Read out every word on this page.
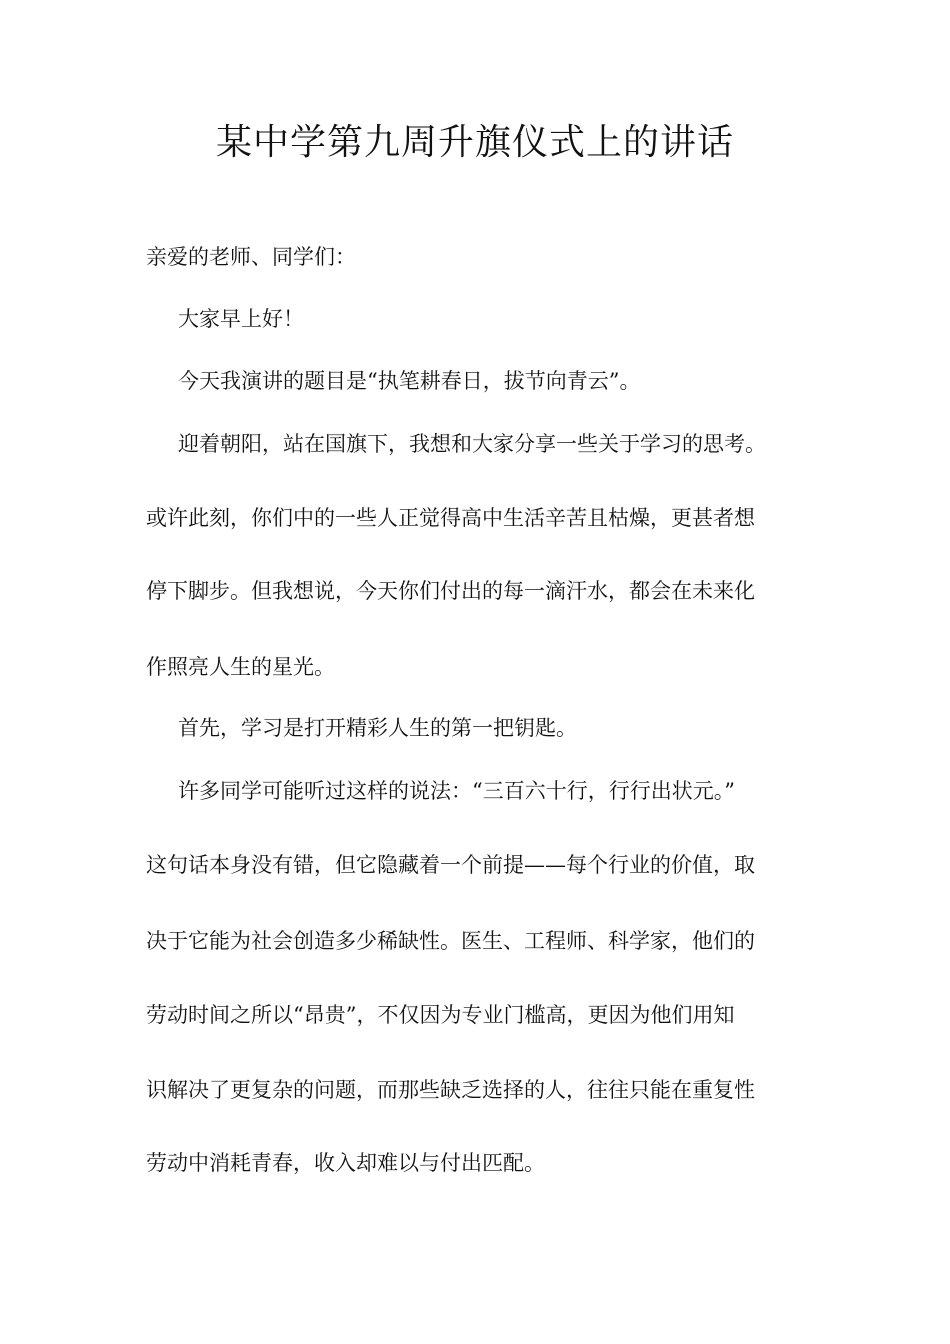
某中学第九周升旗仪式上的讲话

亲爱的老师、同学们：

大家早上好！

今天我演讲的题目是“执笔耕春日，拔节向青云”。

迎着朝阳，站在国旗下，我想和大家分享一些关于学习的思考。

或许此刻，你们中的一些人正觉得高中生活辛苦且枯燥，更甚者想

停下脚步。但我想说，今天你们付出的每一滴汗水，都会在未来化

作照亮人生的星光。

首先，学习是打开精彩人生的第一把钥匙。

许多同学可能听过这样的说法：“三百六十行，行行出状元。”

这句话本身没有错，但它隐藏着一个前提——每个行业的价值，取

决于它能为社会创造多少稀缺性。医生、工程师、科学家，他们的

劳动时间之所以“昂贵”，不仅因为专业门槛高，更因为他们用知

识解决了更复杂的问题，而那些缺乏选择的人，往往只能在重复性

劳动中消耗青春，收入却难以与付出匹配。
